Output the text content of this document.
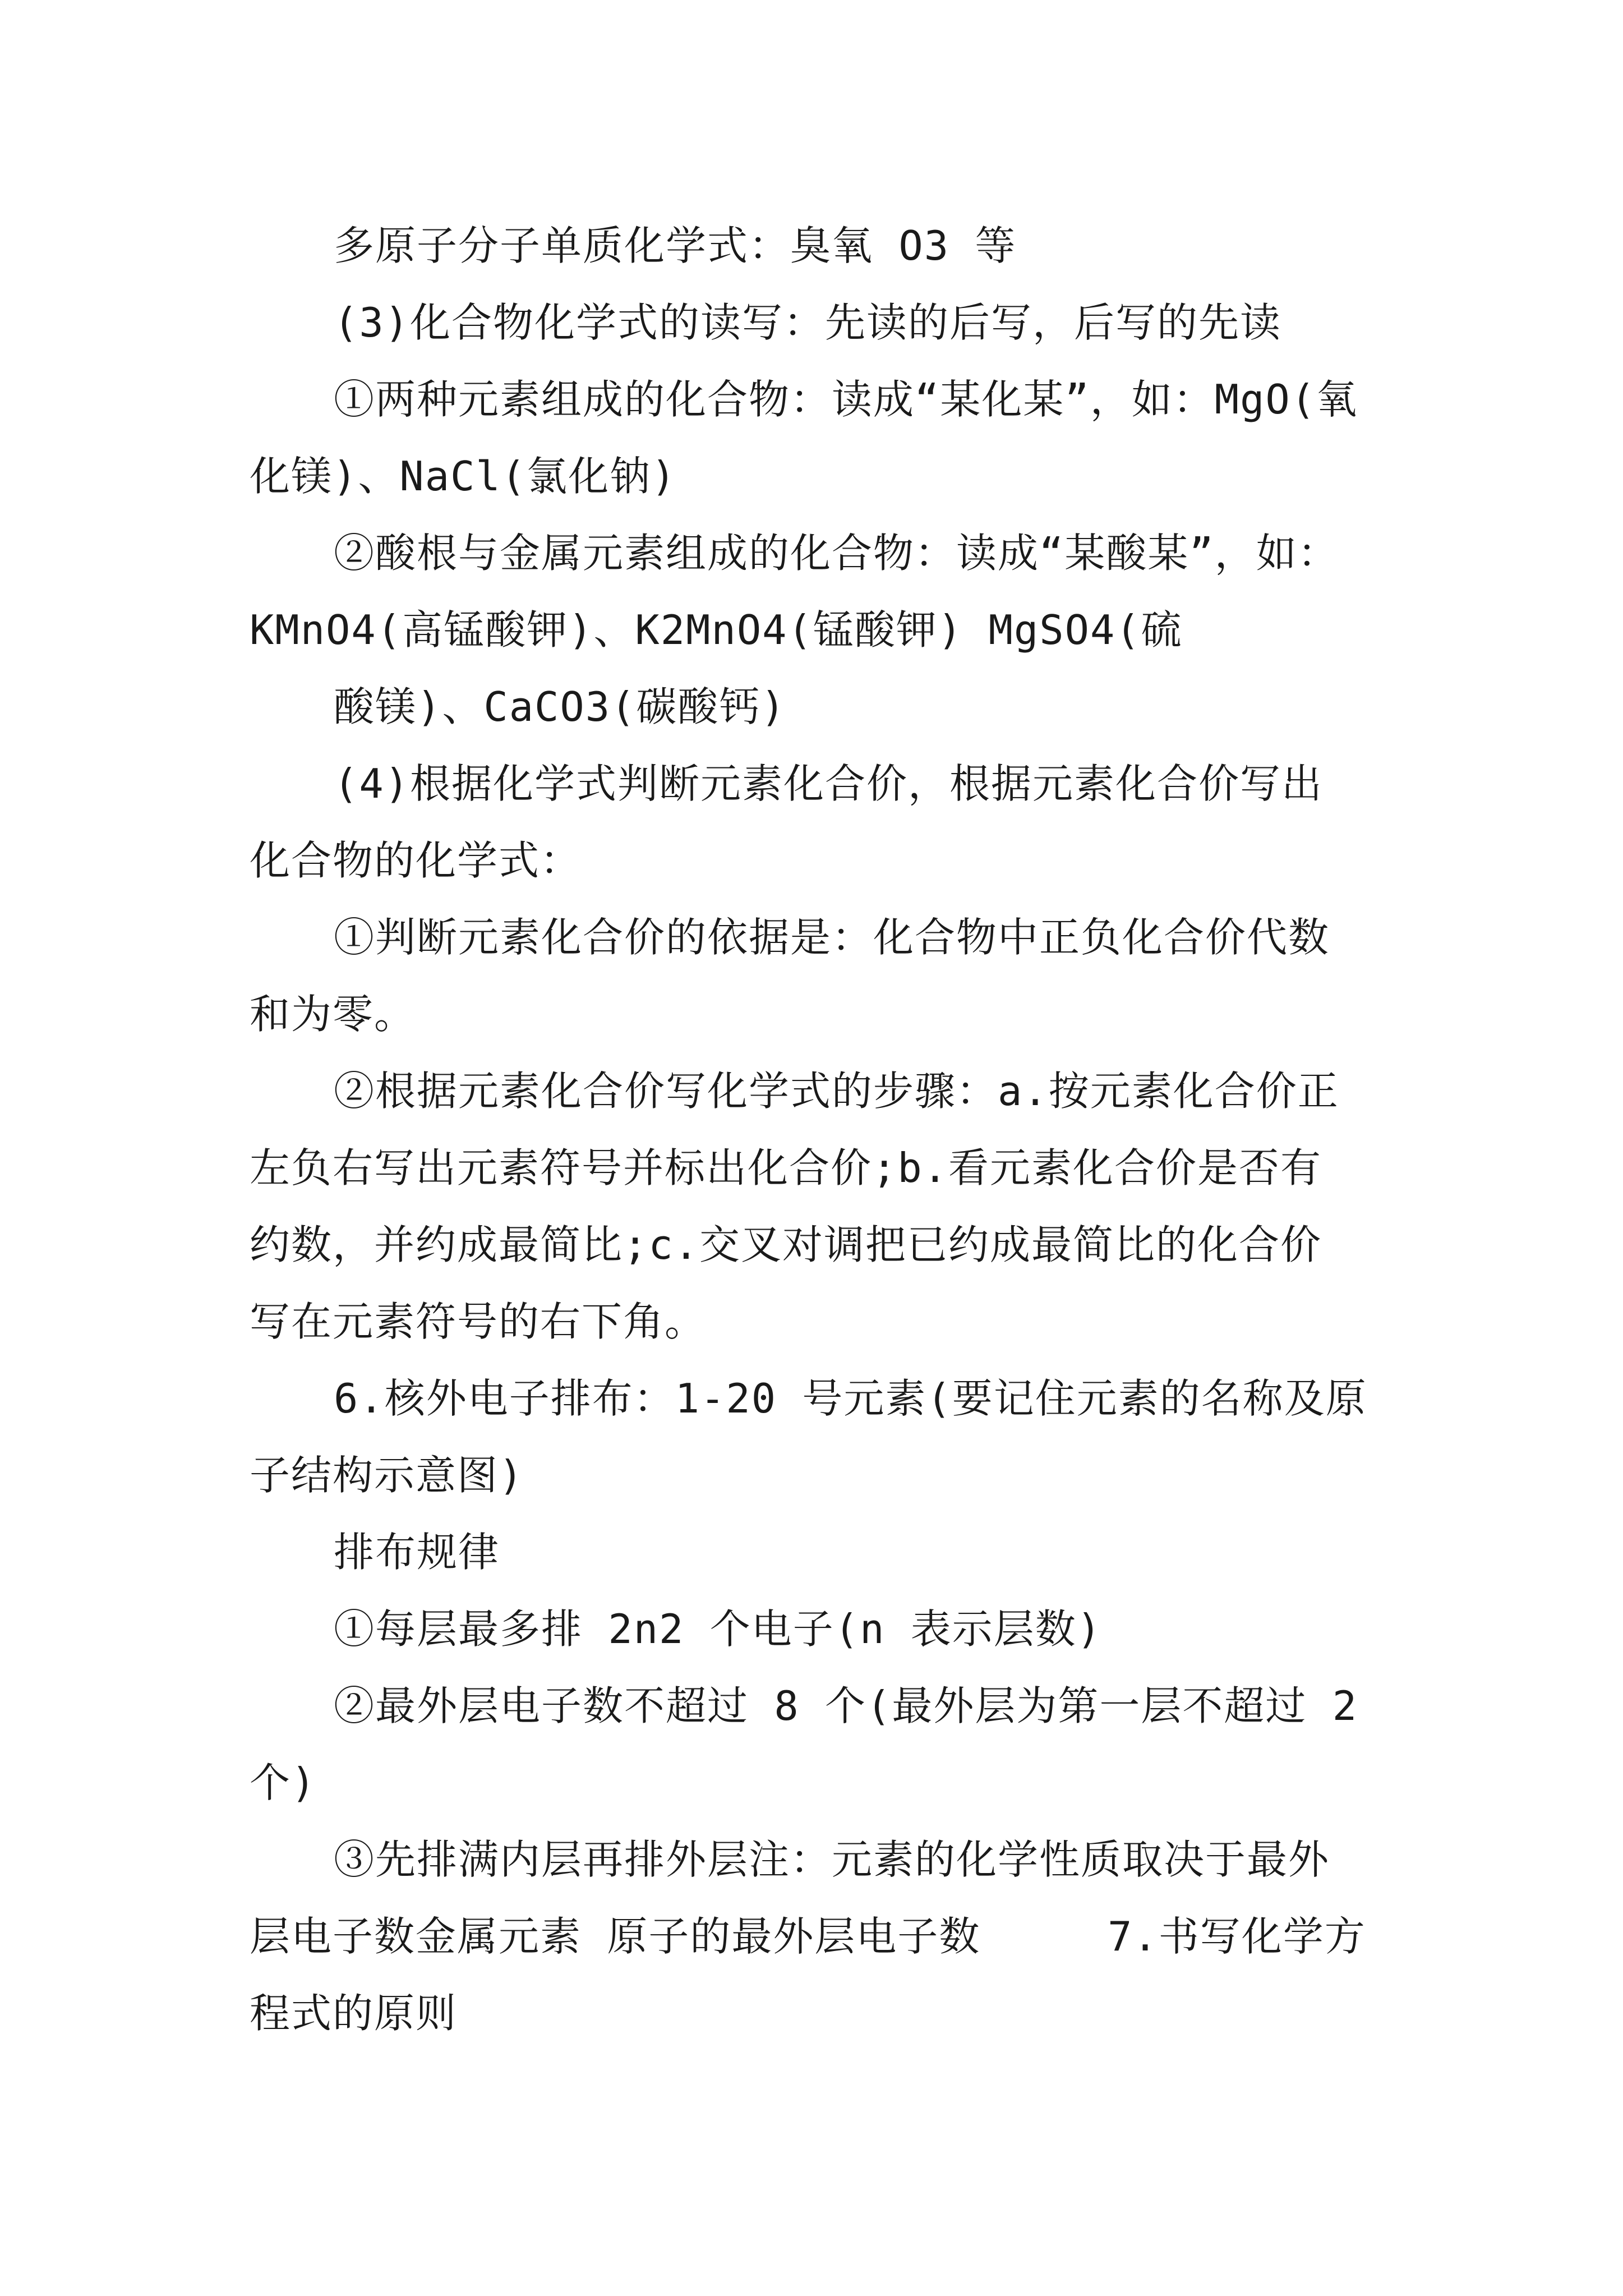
多原子分子单质化学式：臭氧 O3 等
(3)化合物化学式的读写：先读的后写，后写的先读
①两种元素组成的化合物：读成“某化某”，如：MgO(氧
化镁)、NaCl(氯化钠)
②酸根与金属元素组成的化合物：读成“某酸某”，如：
KMnO4(高锰酸钾)、K2MnO4(锰酸钾) MgSO4(硫
酸镁)、CaCO3(碳酸钙)
(4)根据化学式判断元素化合价，根据元素化合价写出
化合物的化学式：
①判断元素化合价的依据是：化合物中正负化合价代数
和为零。
②根据元素化合价写化学式的步骤：a.按元素化合价正
左负右写出元素符号并标出化合价;b.看元素化合价是否有
约数，并约成最简比;c.交叉对调把已约成最简比的化合价
写在元素符号的右下角。
6.核外电子排布：1-20 号元素(要记住元素的名称及原
子结构示意图)
排布规律
①每层最多排 2n2 个电子(n 表示层数)
②最外层电子数不超过 8 个(最外层为第一层不超过 2
个)
③先排满内层再排外层注：元素的化学性质取决于最外
层电子数金属元素 原子的最外层电子数     7.书写化学方
程式的原则
